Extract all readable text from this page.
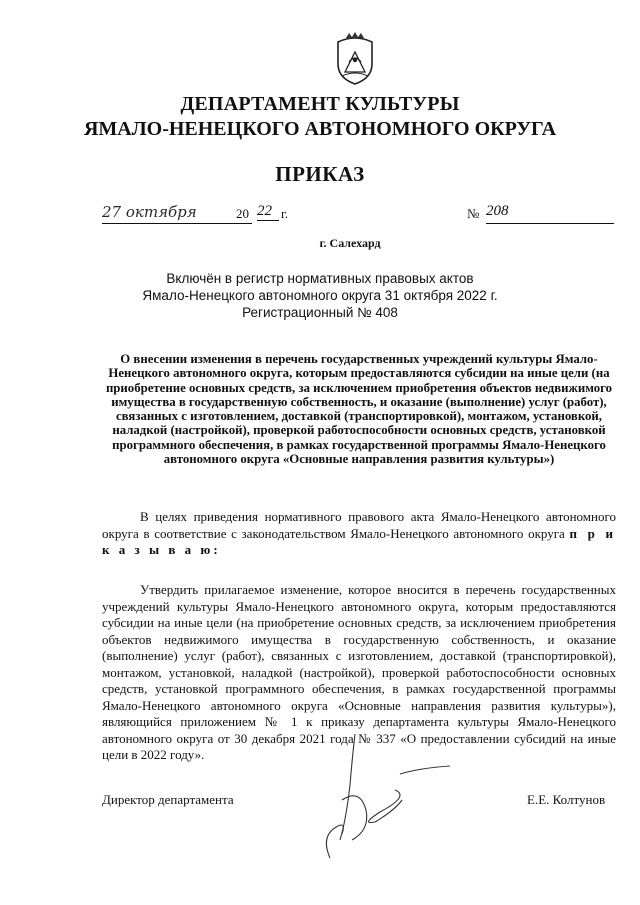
ДЕПАРТАМЕНТ КУЛЬТУРЫ
ЯМАЛО-НЕНЕЦКОГО АВТОНОМНОГО ОКРУГА
ПРИКАЗ
27 октября	20 22 г.	№ 208
г. Салехард
Включён в регистр нормативных правовых актов
Ямало-Ненецкого автономного округа 31 октября 2022 г.
Регистрационный № 408
О внесении изменения в перечень государственных учреждений культуры Ямало-Ненецкого автономного округа, которым предоставляются субсидии на иные цели (на приобретение основных средств, за исключением приобретения объектов недвижимого имущества в государственную собственность, и оказание (выполнение) услуг (работ), связанных с изготовлением, доставкой (транспортировкой), монтажом, установкой, наладкой (настройкой), проверкой работоспособности основных средств, установкой программного обеспечения, в рамках государственной программы Ямало-Ненецкого автономного округа «Основные направления развития культуры»)

В целях приведения нормативного правового акта Ямало-Ненецкого автономного округа в соответствие с законодательством Ямало-Ненецкого автономного округа п р и к а з ы в а ю:

Утвердить прилагаемое изменение, которое вносится в перечень государственных учреждений культуры Ямало-Ненецкого автономного округа, которым предоставляются субсидии на иные цели (на приобретение основных средств, за исключением приобретения объектов недвижимого имущества в государственную собственность, и оказание (выполнение) услуг (работ), связанных с изготовлением, доставкой (транспортировкой), монтажом, установкой, наладкой (настройкой), проверкой работоспособности основных средств, установкой программного обеспечения, в рамках государственной программы Ямало-Ненецкого автономного округа «Основные направления развития культуры»), являющийся приложением № 1 к приказу департамента культуры Ямало-Ненецкого автономного округа от 30 декабря 2021 года № 337 «О предоставлении субсидий на иные цели в 2022 году».

Директор департамента	Е.Е. Колтунов
